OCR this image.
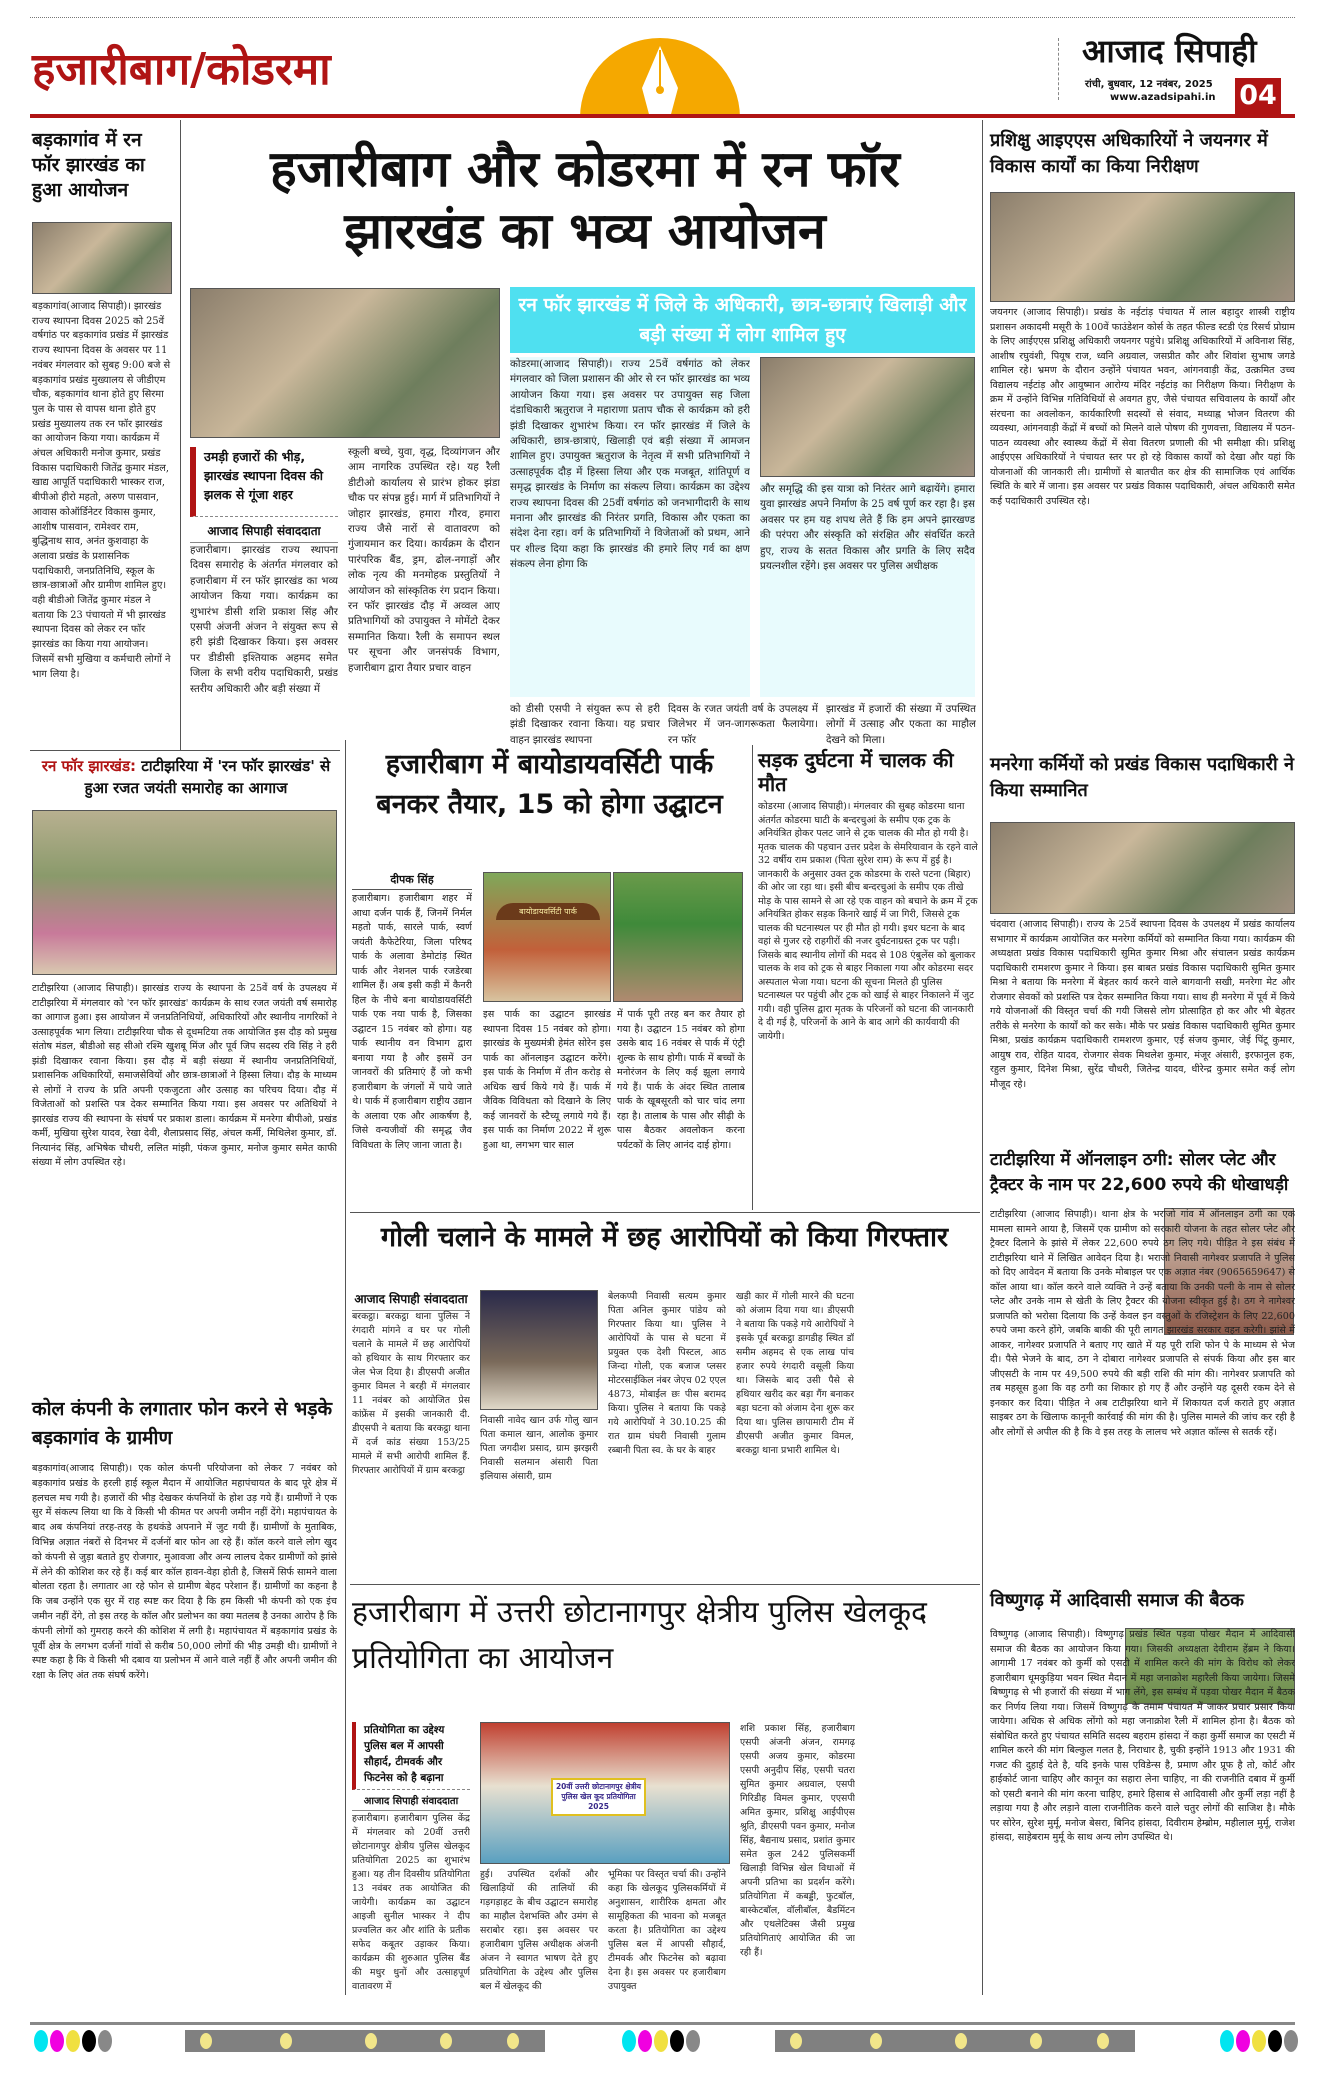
हजारीबाग/कोडरमा	आजाद सिपाही
रांची, बुधवार, 12 नवंबर, 2025
www.azadsipahi.in 04
बड़कागांव में रन फॉर झारखंड का हुआ आयोजन
बड़कागांव(आजाद सिपाही)। झारखंड राज्य स्थापना दिवस 2025 को 25वें वर्षगांठ पर बड़कागांव प्रखंड में झारखंड राज्य स्थापना दिवस के अवसर पर 11 नवंबर मंगलवार को सुबह 9:00 बजे से बड़कागांव प्रखंड मुख्यालय से जीडीएम चौक, बड़कागांव थाना होते हुए सिरमा पुल के पास से वापस थाना होते हुए प्रखंड मुख्यालय तक रन फॉर झारखंड का आयोजन किया गया। कार्यक्रम में अंचल अधिकारी मनोज कुमार, प्रखंड विकास पदाधिकारी जितेंद्र कुमार मंडल, खाद्य आपूर्ति पदाधिकारी भास्कर राज, बीपीओ हीरो महतो, अरुण पासवान, आवास कोऑर्डिनेटर विकास कुमार, आशीष पासवान, रामेश्वर राम, बुद्धिनाथ साव, अनंत कुशवाहा के अलावा प्रखंड के प्रशासनिक पदाधिकारी, जनप्रतिनिधि, स्कूल के छात्र-छात्राओं और ग्रामीण शामिल हुए। वही बीडीओ जितेंद्र कुमार मंडल ने बताया कि 23 पंचायतो में भी झारखंड स्थापना दिवस को लेकर रन फॉर झारखंड का किया गया आयोजन। जिसमें सभी मुखिया व कर्मचारी लोगों ने भाग लिया है।
हजारीबाग और कोडरमा में रन फॉर झारखंड का भव्य आयोजन
रन फॉर झारखंड में जिले के अधिकारी, छात्र-छात्राएं खिलाड़ी और बड़ी संख्या में लोग शामिल हुए
उमड़ी हजारों की भीड़, झारखंड स्थापना दिवस की झलक से गूंजा शहर
आजाद सिपाही संवाददाता
हजारीबाग। झारखंड राज्य स्थापना दिवस समारोह के अंतर्गत मंगलवार को हजारीबाग में रन फॉर झारखंड का भव्य आयोजन किया गया। कार्यक्रम का शुभारंभ डीसी शशि प्रकाश सिंह और एसपी अंजनी अंजन ने संयुक्त रूप से हरी झंडी दिखाकर किया। इस अवसर पर डीडीसी इश्तियाक अहमद समेत जिला के सभी वरीय पदाधिकारी, प्रखंड स्तरीय अधिकारी और बड़ी संख्या में
स्कूली बच्चे, युवा, वृद्ध, दिव्यांगजन और आम नागरिक उपस्थित रहे। यह रैली डीटीओ कार्यालय से प्रारंभ होकर झंडा चौक पर संपन्न हुई। मार्ग में प्रतिभागियों ने जोहार झारखंड, हमारा गौरव, हमारा राज्य जैसे नारों से वातावरण को गुंजायमान कर दिया। कार्यक्रम के दौरान पारंपरिक बैंड, ड्रम, ढोल-नगाड़ों और लोक नृत्य की मनमोहक प्रस्तुतियों ने आयोजन को सांस्कृतिक रंग प्रदान किया। रन फॉर झारखंड दौड़ में अव्वल आए प्रतिभागियों को उपायुक्त ने मोमेंटो देकर सम्मानित किया। रैली के समापन स्थल पर सूचना और जनसंपर्क विभाग, हजारीबाग द्वारा तैयार प्रचार वाहन
कोडरमा(आजाद सिपाही)। राज्य 25वें वर्षगांठ को लेकर मंगलवार को जिला प्रशासन की ओर से रन फॉर झारखंड का भव्य आयोजन किया गया। इस अवसर पर उपायुक्त सह जिला दंडाधिकारी ऋतुराज ने महाराणा प्रताप चौक से कार्यक्रम को हरी झंडी दिखाकर शुभारंभ किया। रन फॉर झारखंड में जिले के अधिकारी, छात्र-छात्राएं, खिलाड़ी एवं बड़ी संख्या में आमजन शामिल हुए। उपायुक्त ऋतुराज के नेतृत्व में सभी प्रतिभागियों ने उत्साहपूर्वक दौड़ में हिस्सा लिया और एक मजबूत, शांतिपूर्ण व समृद्ध झारखंड के निर्माण का संकल्प लिया। कार्यक्रम का उद्देश्य राज्य स्थापना दिवस की 25वीं वर्षगांठ को जनभागीदारी के साथ मनाना और झारखंड की निरंतर प्रगति, विकास और एकता का संदेश देना रहा। वर्ग के प्रतिभागियों ने विजेताओं को प्रथम, आने पर शील्ड दिया कहा कि झारखंड की हमारे लिए गर्व का क्षण संकल्प लेना होगा कि
और समृद्धि की इस यात्रा को निरंतर आगे बढ़ायेंगे। हमारा युवा झारखंड अपने निर्माण के 25 वर्ष पूर्ण कर रहा है। इस अवसर पर हम यह शपथ लेते हैं कि हम अपने झारखण्ड की परंपरा और संस्कृति को संरक्षित और संवर्धित करते हुए, राज्य के सतत विकास और प्रगति के लिए सदैव प्रयत्नशील रहेंगे। इस अवसर पर पुलिस अधीक्षक
को डीसी एसपी ने संयुक्त रूप से हरी झंडी दिखाकर रवाना किया। यह प्रचार वाहन झारखंड स्थापना
दिवस के रजत जयंती वर्ष के उपलक्ष्य में जिलेभर में जन-जागरूकता फैलायेगा। रन फॉर
झारखंड में हजारों की संख्या में उपस्थित लोगों में उत्साह और एकता का माहौल देखने को मिला।
प्रशिक्षु आइएएस अधिकारियों ने जयनगर में विकास कार्यों का किया निरीक्षण
जयनगर (आजाद सिपाही)। प्रखंड के नईटांड़ पंचायत में लाल बहादुर शास्त्री राष्ट्रीय प्रशासन अकादमी मसूरी के 100वें फाउंडेशन कोर्स के तहत फील्ड स्टडी एंड रिसर्च प्रोग्राम के लिए आईएएस प्रशिक्षु अधिकारी जयनगर पहुंचे। प्रशिक्षु अधिकारियों में अविनाश सिंह, आशीष रघुवंशी, पियूष राज, ध्वनि अग्रवाल, जसप्रीत कौर और शिवांश सुभाष जगडे शामिल रहे। भ्रमण के दौरान उन्होंने पंचायत भवन, आंगनवाड़ी केंद्र, उत्क्रमित उच्च विद्यालय नईटांड़ और आयुष्मान आरोग्य मंदिर नईटांड़ का निरीक्षण किया। निरीक्षण के क्रम में उन्होंने विभिन्न गतिविधियों से अवगत हुए, जैसे पंचायत सचिवालय के कार्यों और संरचना का अवलोकन, कार्यकारिणी सदस्यों से संवाद, मध्याह्न भोजन वितरण की व्यवस्था, आंगनवाड़ी केंद्रों में बच्चों को मिलने वाले पोषण की गुणवत्ता, विद्यालय में पठन-पाठन व्यवस्था और स्वास्थ्य केंद्रों में सेवा वितरण प्रणाली की भी समीक्षा की। प्रशिक्षु आईएएस अधिकारियों ने पंचायत स्तर पर हो रहे विकास कार्यों को देखा और यहां कि योजनाओं की जानकारी ली। ग्रामीणों से बातचीत कर क्षेत्र की सामाजिक एवं आर्थिक स्थिति के बारे में जाना। इस अवसर पर प्रखंड विकास पदाधिकारी, अंचल अधिकारी समेत कई पदाधिकारी उपस्थित रहे।
मनरेगा कर्मियों को प्रखंड विकास पदाधिकारी ने किया सम्मानित
चंदवारा (आजाद सिपाही)। राज्य के 25वें स्थापना दिवस के उपलक्ष्य में प्रखंड कार्यालय सभागार में कार्यक्रम आयोजित कर मनरेगा कर्मियों को सम्मानित किया गया। कार्यक्रम की अध्यक्षता प्रखंड विकास पदाधिकारी सुमित कुमार मिश्रा और संचालन प्रखंड कार्यक्रम पदाधिकारी रामशरण कुमार ने किया। इस बाबत प्रखंड विकास पदाधिकारी सुमित कुमार मिश्रा ने बताया कि मनरेगा में बेहतर कार्य करने वाले बागवानी सखी, मनरेगा मेट और रोजगार सेवकों को प्रशस्ति पत्र देकर सम्मानित किया गया। साथ ही मनरेगा में पूर्व में किये गये योजनाओं की विस्तृत चर्चा की गयी जिससे लोग प्रोत्साहित हो कर और भी बेहतर तरीके से मनरेगा के कार्यों को कर सके। मौके पर प्रखंड विकास पदाधिकारी सुमित कुमार मिश्रा, प्रखंड कार्यक्रम पदाधिकारी रामशरण कुमार, एई संजय कुमार, जेई पिंटू कुमार, आयुष राव, रोहित यादव, रोजगार सेवक मिथलेश कुमार, मंजूर अंसारी, इरफानुल हक, रहुल कुमार, दिनेश मिश्रा, सुरेंद्र चौधरी, जितेन्द्र यादव, धीरेन्द्र कुमार समेत कई लोग मौजूद रहे।
टाटीझरिया में ऑनलाइन ठगी: सोलर प्लेट और ट्रैक्टर के नाम पर 22,600 रुपये की धोखाधड़ी
टाटीझरिया (आजाद सिपाही)। थाना क्षेत्र के भराजो गांव में ऑनलाइन ठगी का एक मामला सामने आया है, जिसमें एक ग्रामीण को सरकारी योजना के तहत सोलर प्लेट और ट्रैक्टर दिलाने के झांसे में लेकर 22,600 रुपये ठग लिए गये। पीड़ित ने इस संबंध में टाटीझरिया थाने में लिखित आवेदन दिया है। भराजो निवासी नागेश्वर प्रजापति ने पुलिस को दिए आवेदन में बताया कि उनके मोबाइल पर एक अज्ञात नंबर (9065659647) से कॉल आया था। कॉल करने वाले व्यक्ति ने उन्हें बताया कि उनकी पत्नी के नाम से सोलर प्लेट और उनके नाम से खेती के लिए ट्रैक्टर की योजना स्वीकृत हुई है। ठग ने नागेश्वर प्रजापति को भरोसा दिलाया कि उन्हें केवल इन वस्तुओं के रजिस्ट्रेशन के लिए 22,600 रुपये जमा करने होंगे, जबकि बाकी की पूरी लागत झारखंड सरकार वहन करेगी। झांसे में आकर, नागेश्वर प्रजापति ने बताए गए खाते में यह पूरी राशि फोन पे के माध्यम से भेज दी। पैसे भेजने के बाद, ठग ने दोबारा नागेश्वर प्रजापति से संपर्क किया और इस बार जीएसटी के नाम पर 49,500 रुपये की बड़ी राशि की मांग की। नागेश्वर प्रजापति को तब महसूस हुआ कि वह ठगी का शिकार हो गए हैं और उन्होंने यह दूसरी रकम देने से इनकार कर दिया। पीड़ित ने अब टाटीझरिया थाने में शिकायत दर्ज कराते हुए अज्ञात साइबर ठग के खिलाफ कानूनी कार्रवाई की मांग की है। पुलिस मामले की जांच कर रही है और लोगों से अपील की है कि वे इस तरह के लालच भरे अज्ञात कॉल्स से सतर्क रहें।
विष्णुगढ़ में आदिवासी समाज की बैठक
विष्णुगढ़ (आजाद सिपाही)। विष्णुगढ़ प्रखंड स्थित पड़वा पोखर मैदान में आदिवासी समाज की बैठक का आयोजन किया गया। जिसकी अध्यक्षता देवीराम हेंब्रम ने किया। आगामी 17 नवंबर को कुर्मी को एसटी में शामिल करने की मांग के विरोध को लेकर हजारीबाग धूमकुड़िया भवन स्थित मैदान में महा जनाक्रोश महारैली किया जायेगा। जिसमे बिष्णुगढ़ से भी हजारों की संख्या में भाग लेंगे, इस सम्बंध में पड़वा पोखर मैदान में बैठक कर निर्णय लिया गया। जिसमें विष्णुगढ़ के तमाम पंचायत में जाकर प्रचार प्रसार किया जायेगा। अधिक से अधिक लोंगो को महा जनाक्रोश रैली में शामिल होना है। बैठक को संबोधित करते हुए पंचायत समिति सदस्य बहराम हांसदा नें कहा कुर्मी समाज का एसटी में शामिल करने की मांग बिल्कुल गलत है, निराधार है, चुकी इन्होंने 1913 और 1931 की गजट की दुहाई देते है, यदि इनके पास एविडेन्स है, प्रमाण और प्रूफ है तो, कोर्ट और हाईकोर्ट जाना चाहिए और कानून का सहारा लेना चाहिए, ना की राजनीति दबाव में कुर्मी को एसटी बनाने की मांग करना चाहिए, हमारे हिसाब से आदिवासी और कुर्मी लड़ा नहीं है लड़ाया गया है और लड़ाने वाला राजनीतिक करने वाले चतुर लोगों की साजिश है। मौके पर सोरेन, सुरेश मुर्मू, मनोज बेसरा, बिनिद हांसदा, दिवीराम हेम्ब्रोम, महीलाल मुर्मू, राजेश हांसदा, साहेबराम मुर्मू के साथ अन्य लोग उपस्थित थे।
रन फॉर झारखंड: टाटीझरिया में 'रन फॉर झारखंड' से हुआ रजत जयंती समारोह का आगाज
टाटीझरिया (आजाद सिपाही)। झारखंड राज्य के स्थापना के 25वें वर्ष के उपलक्ष्य में टाटीझरिया में मंगलवार को 'रन फॉर झारखंड' कार्यक्रम के साथ रजत जयंती वर्ष समारोह का आगाज हुआ। इस आयोजन में जनप्रतिनिधियों, अधिकारियों और स्थानीय नागरिकों ने उत्साहपूर्वक भाग लिया। टाटीझरिया चौक से दूधमटिया तक आयोजित इस दौड़ को प्रमुख संतोष मंडल, बीडीओ सह सीओ रश्मि खुशबू मिंज और पूर्व जिप सदस्य रवि सिंह ने हरी झंडी दिखाकर रवाना किया। इस दौड़ में बड़ी संख्या में स्थानीय जनप्रतिनिधियों, प्रशासनिक अधिकारियों, समाजसेवियों और छात्र-छात्राओं ने हिस्सा लिया। दौड़ के माध्यम से लोगों ने राज्य के प्रति अपनी एकजुटता और उत्साह का परिचय दिया। दौड़ में विजेताओं को प्रशस्ति पत्र देकर सम्मानित किया गया। इस अवसर पर अतिथियों ने झारखंड राज्य की स्थापना के संघर्ष पर प्रकाश डाला। कार्यक्रम में मनरेगा बीपीओ, प्रखंड कर्मी, मुखिया सुरेश यादव, रेखा देवी, शैलाप्रसाद सिंह, अंचल कर्मी, मिथिलेश कुमार, डॉ. नित्यानंद सिंह, अभिषेक चौधरी, ललित मांझी, पंकज कुमार, मनोज कुमार समेत काफी संख्या में लोग उपस्थित रहे।
कोल कंपनी के लगातार फोन करने से भड़के बड़कागांव के ग्रामीण
बड़कागांव(आजाद सिपाही)। एक कोल कंपनी परियोजना को लेकर 7 नवंबर को बड़कागांव प्रखंड के हरली हाई स्कूल मैदान में आयोजित महापंचायत के बाद पूरे क्षेत्र में हलचल मच गयी है। हजारों की भीड़ देखकर कंपनियों के होश उड़ गये हैं। ग्रामीणों ने एक सुर में संकल्प लिया था कि वे किसी भी कीमत पर अपनी जमीन नहीं देंगे। महापंचायत के बाद अब कंपनियां तरह-तरह के हथकंडे अपनाने में जुट गयी हैं। ग्रामीणों के मुताबिक, विभिन्न अज्ञात नंबरों से दिनभर में दर्जनों बार फोन आ रहे हैं। कॉल करने वाले लोग खुद को कंपनी से जुड़ा बताते हुए रोजगार, मुआवजा और अन्य लालच देकर ग्रामीणों को झांसे में लेने की कोशिश कर रहे हैं। कई बार कॉल हावन-वेहा होती है, जिसमें सिर्फ सामने वाला बोलता रहता है। लगातार आ रहे फोन से ग्रामीण बेहद परेशान हैं। ग्रामीणों का कहना है कि जब उन्होंने एक सुर में राह स्पष्ट कर दिया है कि हम किसी भी कंपनी को एक इंच जमीन नहीं देंगे, तो इस तरह के कॉल और प्रलोभन का क्या मतलब है उनका आरोप है कि कंपनी लोगों को गुमराह करने की कोशिश में लगी है। महापंचायत में बड़कागांव प्रखंड के पूर्वी क्षेत्र के लगभग दर्जनों गांवों से करीब 50,000 लोगों की भीड़ उमड़ी थी। ग्रामीणों ने स्पष्ट कहा है कि वे किसी भी दबाव या प्रलोभन में आने वाले नहीं हैं और अपनी जमीन की रक्षा के लिए अंत तक संघर्ष करेंगे।
हजारीबाग में बायोडायवर्सिटी पार्क बनकर तैयार, 15 को होगा उद्घाटन
दीपक सिंह
हजारीबाग। हजारीबाग शहर में आधा दर्जन पार्क हैं, जिनमें निर्मल महतो पार्क, सारले पार्क, स्वर्ण जयंती कैफेटेरिया, जिला परिषद पार्क के अलावा डेमोटांड़ स्थित पार्क और नेशनल पार्क रजडेरबा शामिल हैं। अब इसी कड़ी में कैनरी हिल के नीचे बना बायोडायवर्सिटी पार्क एक नया पार्क है, जिसका उद्घाटन 15 नवंबर को होगा। यह पार्क स्थानीय वन विभाग द्वारा बनाया गया है और इसमें उन जानवरों की प्रतिमाएं हैं जो कभी हजारीबाग के जंगलों में पाये जाते थे। पार्क में हजारीबाग राष्ट्रीय उद्यान के अलावा एक और आकर्षण है, जिसे वन्यजीवों की समृद्ध जैव विविधता के लिए जाना जाता है।
बायोडायवर्सिटी पार्क
इस पार्क का उद्घाटन झारखंड स्थापना दिवस 15 नवंबर को होगा। झारखंड के मुख्यमंत्री हेमंत सोरेन इस पार्क का ऑनलाइन उद्घाटन करेंगे। इस पार्क के निर्माण में तीन करोड़ से अधिक खर्च किये गये हैं। पार्क में जैविक विविधता को दिखाने के लिए कई जानवरों के स्टैच्यू लगाये गये हैं। इस पार्क का निर्माण 2022 में शुरू हुआ था, लगभग चार साल
में पार्क पूरी तरह बन कर तैयार हो गया है। उद्घाटन 15 नवंबर को होगा उसके बाद 16 नवंबर से पार्क में एंट्री शुल्क के साथ होगी। पार्क में बच्चों के मनोरंजन के लिए कई झूला लगाये गये हैं। पार्क के अंदर स्थित तालाब पार्क के खूबसूरती को चार चांद लगा रहा है। तालाब के पास और सीढ़ी के पास बैठकर अवलोकन करना पर्यटकों के लिए आनंद दाई होगा।
सड़क दुर्घटना में चालक की मौत
कोडरमा (आजाद सिपाही)। मंगलवार की सुबह कोडरमा थाना अंतर्गत कोडरमा घाटी के बन्दरचुआं के समीप एक ट्रक के अनियंत्रित होकर पलट जाने से ट्रक चालक की मौत हो गयी है। मृतक चालक की पहचान उत्तर प्रदेश के सेमरियावान के रहने वाले 32 वर्षीय राम प्रकाश (पिता सुरेश राम) के रूप में हुई है। जानकारी के अनुसार उक्त ट्रक कोडरमा के रास्ते पटना (बिहार) की ओर जा रहा था। इसी बीच बन्दरचुआं के समीप एक तीखे मोड़ के पास सामने से आ रहे एक वाहन को बचाने के क्रम में ट्रक अनियंत्रित होकर सड़क किनारे खाई में जा गिरी, जिससे ट्रक चालक की घटनास्थल पर ही मौत हो गयी। इधर घटना के बाद वहां से गुजर रहे राहगीरों की नजर दुर्घटनाग्रस्त ट्रक पर पड़ी। जिसके बाद स्थानीय लोगों की मदद से 108 एंबुलेंस को बुलाकर चालक के शव को ट्रक से बाहर निकाला गया और कोडरमा सदर अस्पताल भेजा गया। घटना की सूचना मिलते ही पुलिस घटनास्थल पर पहुंची और ट्रक को खाई से बाहर निकालने में जुट गयी। वही पुलिस द्वारा मृतक के परिजनों को घटना की जानकारी दे दी गई है, परिजनों के आने के बाद आगे की कार्यवायी की जायेगी।
गोली चलाने के मामले में छह आरोपियों को किया गिरफ्तार
आजाद सिपाही संवाददाता
बरकट्ठा। बरकट्ठा थाना पुलिस ने रंगदारी मांगने व घर पर गोली चलाने के मामले में छह आरोपियों को हथियार के साथ गिरफ्तार कर जेल भेज दिया है। डीएसपी अजीत कुमार विमल ने बरही में मंगलवार 11 नवंबर को आयोजित प्रेस कांफ्रेंस में इसकी जानकारी दी. डीएसपी ने बताया कि बरकट्ठा थाना में दर्ज कांड संख्या 153/25 मामले में सभी आरोपी शामिल हैं. गिरफ्तार आरोपियों में ग्राम बरकट्ठा
निवासी नावेद खान उर्फ गोलु खान पिता कमाल खान, आलोक कुमार पिता जगदीश प्रसाद, ग्राम झरझरी निवासी सलमान अंसारी पिता इलियास अंसारी, ग्राम
बेलकप्पी निवासी सत्यम कुमार पिता अनिल कुमार पांडेय को गिरफ्तार किया था। पुलिस ने आरोपियों के पास से घटना में प्रयुक्त एक देशी पिस्टल, आठ जिन्दा गोली, एक बजाज प्लसर मोटरसाईकिल नंबर जेएच 02 एएल 4873, मोबाईल छः पीस बरामद किया। पुलिस ने बताया कि पकड़े गये आरोपियों ने 30.10.25 की रात ग्राम घंघरी निवासी गुलाम रब्बानी पिता स्व. के घर के बाहर
खड़ी कार में गोली मारने की घटना को अंजाम दिया गया था। डीएसपी ने बताया कि पकड़े गये आरोपियों ने इसके पूर्व बरकट्ठा डागडीह स्थित डॉ समीम अहमद से एक लाख पांच हजार रुपये रंगदारी वसूली किया था। जिसके बाद उसी पैसे से हथियार खरीद कर बड़ा गैंग बनाकर बड़ा घटना को अंजाम देना शुरू कर दिया था। पुलिस छापामारी टीम में डीएसपी अजीत कुमार विमल, बरकट्ठा थाना प्रभारी शामिल थे।
हजारीबाग में उत्तरी छोटानागपुर क्षेत्रीय पुलिस खेलकूद प्रतियोगिता का आयोजन
प्रतियोगिता का उद्देश्य पुलिस बल में आपसी सौहार्द, टीमवर्क और फिटनेस को है बढ़ाना
आजाद सिपाही संवाददाता
हजारीबाग। हजारीबाग पुलिस केंद्र में मंगलवार को 20वीं उत्तरी छोटानागपुर क्षेत्रीय पुलिस खेलकूद प्रतियोगिता 2025 का शुभारंभ हुआ। यह तीन दिवसीय प्रतियोगिता 13 नवंबर तक आयोजित की जायेगी। कार्यक्रम का उद्घाटन आइजी सुनील भास्कर ने दीप प्रज्वलित कर और शांति के प्रतीक सफेद कबूतर उड़ाकर किया। कार्यक्रम की शुरुआत पुलिस बैंड की मधुर धुनों और उत्साहपूर्ण वातावरण में
20वीं उत्तरी छोटानागपुर क्षेत्रीय पुलिस खेल कूद प्रतियोगिता 2025
हुई। उपस्थित दर्शकों और खिलाड़ियों की तालियों की गड़गड़ाहट के बीच उद्घाटन समारोह का माहौल देशभक्ति और उमंग से सराबोर रहा। इस अवसर पर हजारीबाग पुलिस अधीक्षक अंजनी अंजन ने स्वागत भाषण देते हुए प्रतियोगिता के उद्देश्य और पुलिस बल में खेलकूद की
भूमिका पर विस्तृत चर्चा की। उन्होंने कहा कि खेलकूद पुलिसकर्मियों में अनुशासन, शारीरिक क्षमता और सामूहिकता की भावना को मजबूत करता है। प्रतियोगिता का उद्देश्य पुलिस बल में आपसी सौहार्द, टीमवर्क और फिटनेस को बढ़ावा देना है। इस अवसर पर हजारीबाग उपायुक्त
शशि प्रकाश सिंह, हजारीबाग एसपी अंजनी अंजन, रामगढ़ एसपी अजय कुमार, कोडरमा एसपी अनुदीप सिंह, एसपी चतरा सुमित कुमार अग्रवाल, एसपी गिरिडीह विमल कुमार, एएसपी अमित कुमार, प्रशिक्षु आईपीएस श्रुति, डीएसपी पवन कुमार, मनोज सिंह, बैद्यनाथ प्रसाद, प्रशांत कुमार समेत कुल 242 पुलिसकर्मी खिलाड़ी विभिन्न खेल विधाओं में अपनी प्रतिभा का प्रदर्शन करेंगे। प्रतियोगिता में कबड्डी, फुटबॉल, बास्केटबॉल, वॉलीबॉल, बैडमिंटन और एथलेटिक्स जैसी प्रमुख प्रतियोगिताएं आयोजित की जा रही हैं।
